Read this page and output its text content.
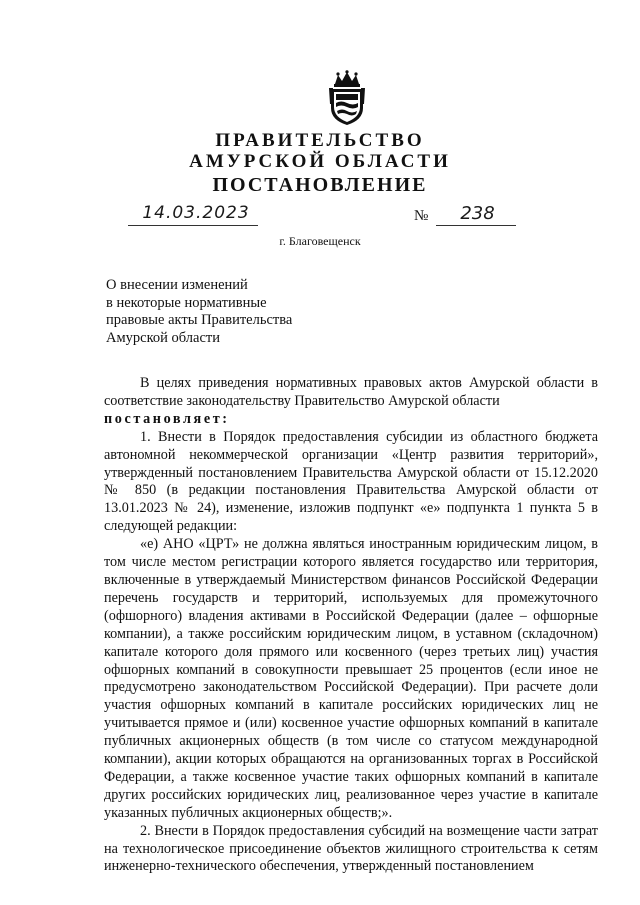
ПРАВИТЕЛЬСТВО
АМУРСКОЙ ОБЛАСТИ
ПОСТАНОВЛЕНИЕ
14.03.2023	№	238
г. Благовещенск
О внесении изменений
в некоторые нормативные
правовые акты Правительства
Амурской области

В целях приведения нормативных правовых актов Амурской области в соответствие законодательству Правительство Амурской области

постановляет:

1. Внести в Порядок предоставления субсидии из областного бюджета автономной некоммерческой организации «Центр развития территорий», утвержденный постановлением Правительства Амурской области от 15.12.2020 № 850 (в редакции постановления Правительства Амурской области от 13.01.2023 № 24), изменение, изложив подпункт «е» подпункта 1 пункта 5 в следующей редакции:

«е) АНО «ЦРТ» не должна являться иностранным юридическим лицом, в том числе местом регистрации которого является государство или территория, включенные в утверждаемый Министерством финансов Российской Федерации перечень государств и территорий, используемых для промежуточного (офшорного) владения активами в Российской Федерации (далее – офшорные компании), а также российским юридическим лицом, в уставном (складочном) капитале которого доля прямого или косвенного (через третьих лиц) участия офшорных компаний в совокупности превышает 25 процентов (если иное не предусмотрено законодательством Российской Федерации). При расчете доли участия офшорных компаний в капитале российских юридических лиц не учитывается прямое и (или) косвенное участие офшорных компаний в капитале публичных акционерных обществ (в том числе со статусом международной компании), акции которых обращаются на организованных торгах в Российской Федерации, а также косвенное участие таких офшорных компаний в капитале других российских юридических лиц, реализованное через участие в капитале указанных публичных акционерных обществ;».

2. Внести в Порядок предоставления субсидий на возмещение части затрат на технологическое присоединение объектов жилищного строительства к сетям инженерно-технического обеспечения, утвержденный постановлением
